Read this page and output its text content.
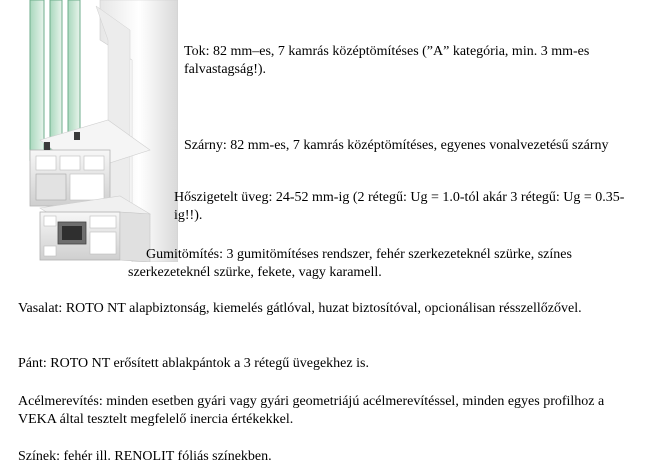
Tok: 82 mm–es, 7 kamrás középtömítéses (”A” kategória, min. 3 mm-es falvastagság!).

Szárny: 82 mm-es, 7 kamrás középtömítéses, egyenes vonalvezetésű szárny

Hőszigetelt üveg: 24-52 mm-ig (2 rétegű: Ug = 1.0-tól akár 3 rétegű: Ug = 0.35-ig!!).

Gumitömítés: 3 gumitömítéses rendszer, fehér szerkezeteknél szürke, színes szerkezeteknél szürke, fekete, vagy karamell.

Vasalat: ROTO NT alapbiztonság, kiemelés gátlóval, huzat biztosítóval, opcionálisan résszellőzővel.

Pánt: ROTO NT erősített ablakpántok a 3 rétegű üvegekhez is.

Acélmerevítés: minden esetben gyári vagy gyári geometriájú acélmerevítéssel, minden egyes profilhoz a VEKA által tesztelt megfelelő inercia értékekkel.

Színek: fehér ill. RENOLIT fóliás színekben.
